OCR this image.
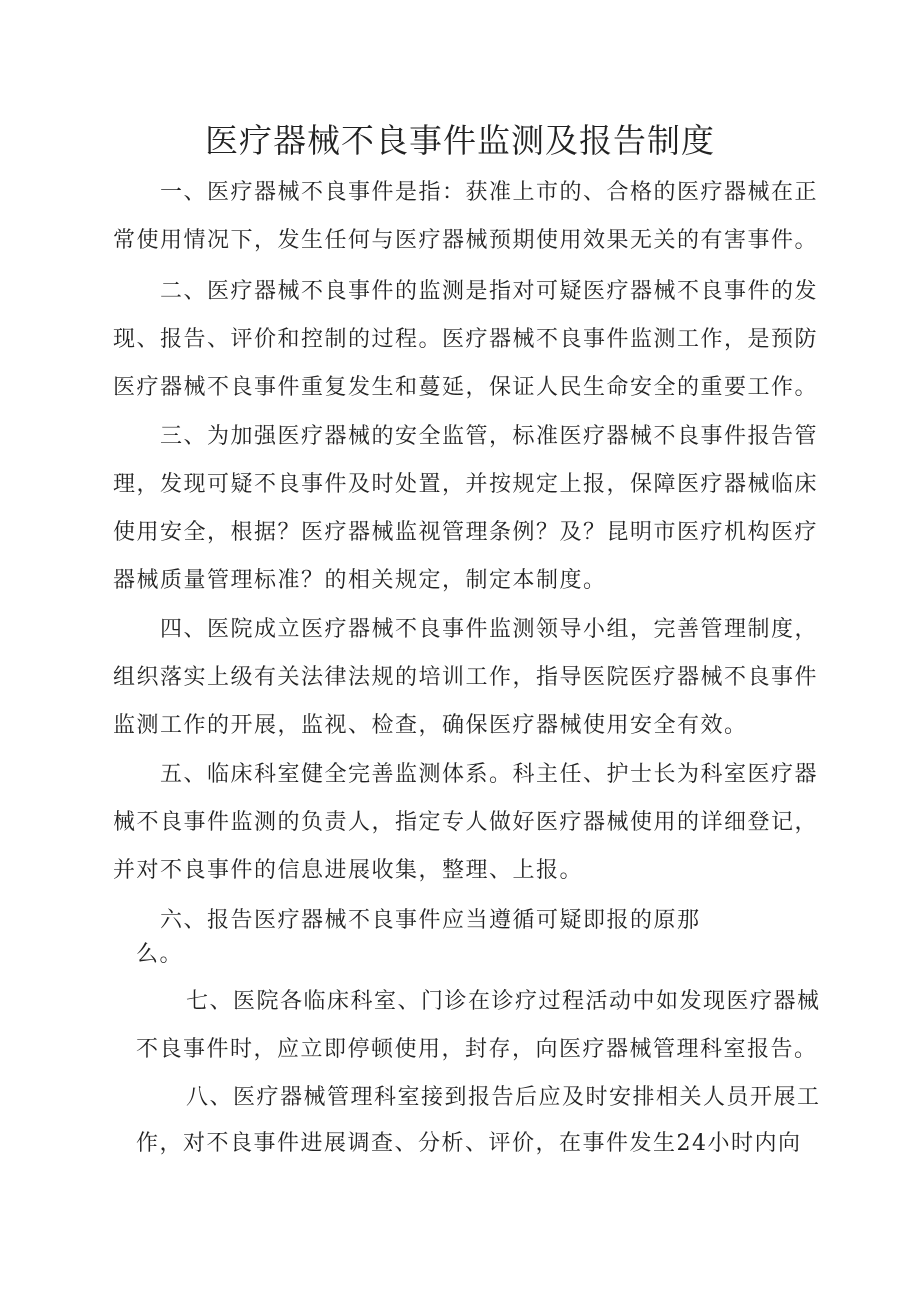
医疗器械不良事件监测及报告制度
一、医疗器械不良事件是指：获准上市的、合格的医疗器械在正
常使用情况下，发生任何与医疗器械预期使用效果无关的有害事件。
二、医疗器械不良事件的监测是指对可疑医疗器械不良事件的发
现、报告、评价和控制的过程。医疗器械不良事件监测工作，是预防
医疗器械不良事件重复发生和蔓延，保证人民生命安全的重要工作。
三、为加强医疗器械的安全监管，标准医疗器械不良事件报告管
理，发现可疑不良事件及时处置，并按规定上报，保障医疗器械临床
使用安全，根据？医疗器械监视管理条例？及？昆明市医疗机构医疗
器械质量管理标准？的相关规定，制定本制度。
四、医院成立医疗器械不良事件监测领导小组，完善管理制度，
组织落实上级有关法律法规的培训工作，指导医院医疗器械不良事件
监测工作的开展，监视、检查，确保医疗器械使用安全有效。
五、临床科室健全完善监测体系。科主任、护士长为科室医疗器
械不良事件监测的负责人，指定专人做好医疗器械使用的详细登记，
并对不良事件的信息进展收集，整理、上报。
六、报告医疗器械不良事件应当遵循可疑即报的原那
么。
七、医院各临床科室、门诊在诊疗过程活动中如发现医疗器械
不良事件时，应立即停顿使用，封存，向医疗器械管理科室报告。
八、医疗器械管理科室接到报告后应及时安排相关人员开展工
作，对不良事件进展调查、分析、评价，在事件发生24小时内向
